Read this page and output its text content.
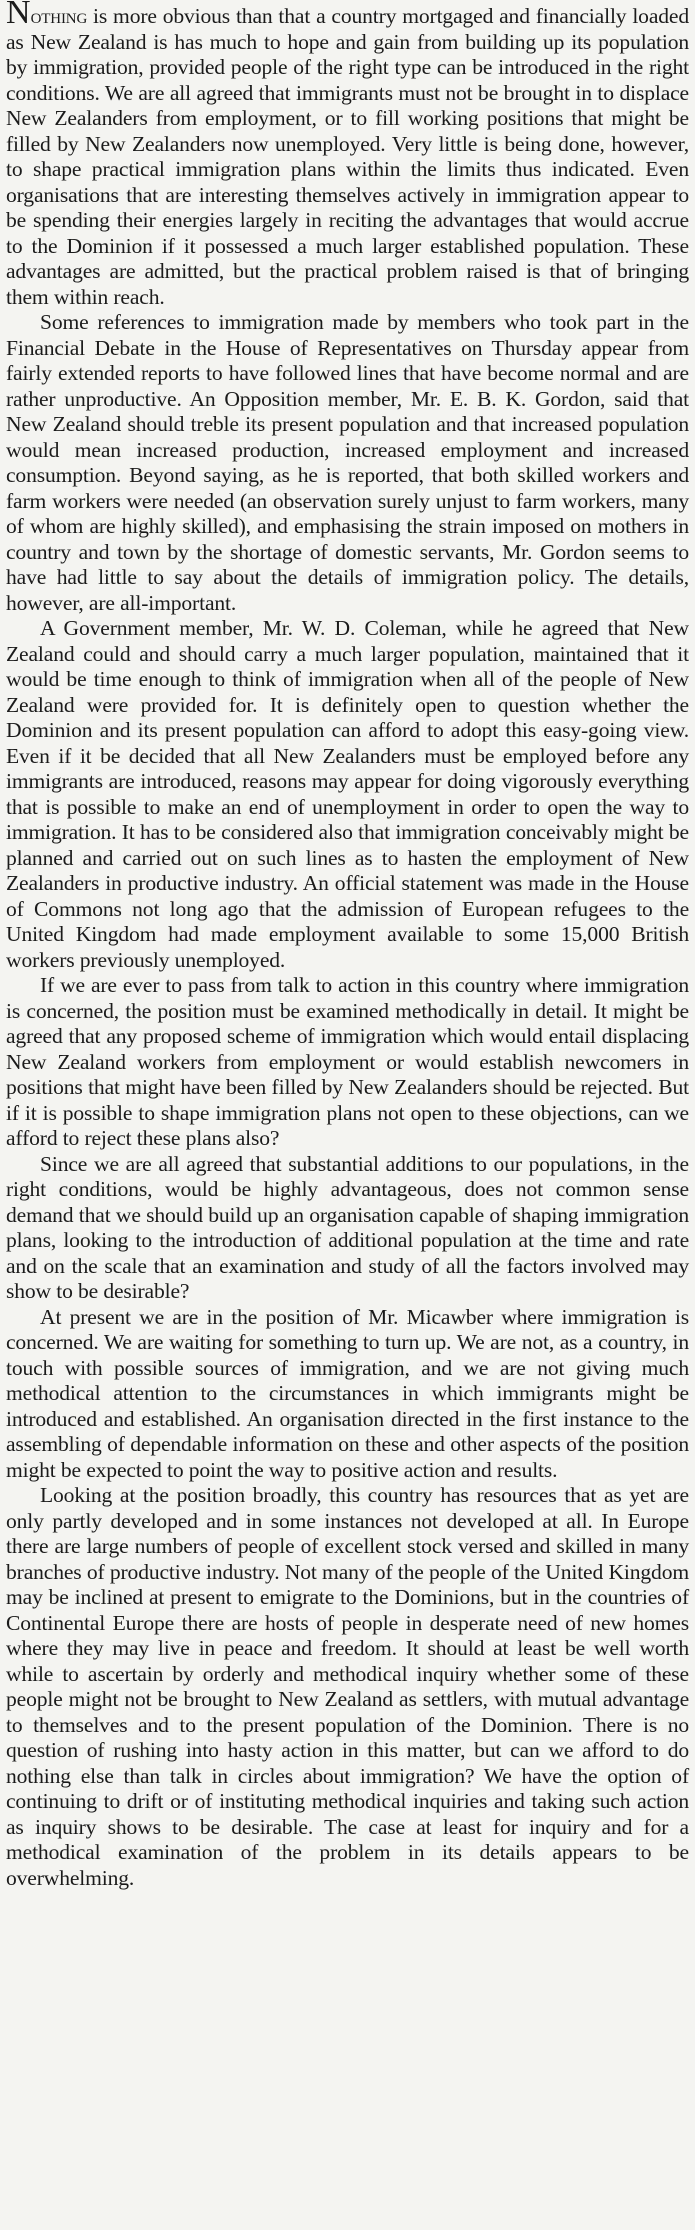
Nothing is more obvious than that a country mortgaged and financially loaded as New Zealand is has much to hope and gain from building up its population by immigration, provided people of the right type can be introduced in the right conditions. We are all agreed that immigrants must not be brought in to displace New Zealanders from employment, or to fill working positions that might be filled by New Zealanders now unemployed. Very little is being done, however, to shape practical immigration plans within the limits thus indicated. Even organisations that are interesting themselves actively in immigration appear to be spending their energies largely in reciting the advantages that would accrue to the Dominion if it possessed a much larger established population. These advantages are admitted, but the practical problem raised is that of bringing them within reach.

Some references to immigration made by members who took part in the Financial Debate in the House of Representatives on Thursday appear from fairly extended reports to have followed lines that have become normal and are rather unproductive. An Opposition member, Mr. E. B. K. Gordon, said that New Zealand should treble its present population and that increased population would mean increased production, increased employment and increased consumption. Beyond saying, as he is reported, that both skilled workers and farm workers were needed (an observation surely unjust to farm workers, many of whom are highly skilled), and emphasising the strain imposed on mothers in country and town by the shortage of domestic servants, Mr. Gordon seems to have had little to say about the details of immigration policy. The details, however, are all-important.

A Government member, Mr. W. D. Coleman, while he agreed that New Zealand could and should carry a much larger population, maintained that it would be time enough to think of immigration when all of the people of New Zealand were provided for. It is definitely open to question whether the Dominion and its present population can afford to adopt this easy-going view. Even if it be decided that all New Zealanders must be employed before any immigrants are introduced, reasons may appear for doing vigorously everything that is possible to make an end of unemployment in order to open the way to immigration. It has to be considered also that immigration conceivably might be planned and carried out on such lines as to hasten the employment of New Zealanders in productive industry. An official statement was made in the House of Commons not long ago that the admission of European refugees to the United Kingdom had made employment available to some 15,000 British workers previously unemployed.

If we are ever to pass from talk to action in this country where immigration is concerned, the position must be examined methodically in detail. It might be agreed that any proposed scheme of immigration which would entail displacing New Zealand workers from employment or would establish newcomers in positions that might have been filled by New Zealanders should be rejected. But if it is possible to shape immigration plans not open to these objections, can we afford to reject these plans also?

Since we are all agreed that substantial additions to our populations, in the right conditions, would be highly advantageous, does not common sense demand that we should build up an organisation capable of shaping immigration plans, looking to the introduction of additional population at the time and rate and on the scale that an examination and study of all the factors involved may show to be desirable?

At present we are in the position of Mr. Micawber where immigration is concerned. We are waiting for something to turn up. We are not, as a country, in touch with possible sources of immigration, and we are not giving much methodical attention to the circumstances in which immigrants might be introduced and established. An organisation directed in the first instance to the assembling of dependable information on these and other aspects of the position might be expected to point the way to positive action and results.

Looking at the position broadly, this country has resources that as yet are only partly developed and in some instances not developed at all. In Europe there are large numbers of people of excellent stock versed and skilled in many branches of productive industry. Not many of the people of the United Kingdom may be inclined at present to emigrate to the Dominions, but in the countries of Continental Europe there are hosts of people in desperate need of new homes where they may live in peace and freedom. It should at least be well worth while to ascertain by orderly and methodical inquiry whether some of these people might not be brought to New Zealand as settlers, with mutual advantage to themselves and to the present population of the Dominion. There is no question of rushing into hasty action in this matter, but can we afford to do nothing else than talk in circles about immigration? We have the option of continuing to drift or of instituting methodical inquiries and taking such action as inquiry shows to be desirable. The case at least for inquiry and for a methodical examination of the problem in its details appears to be overwhelming.
